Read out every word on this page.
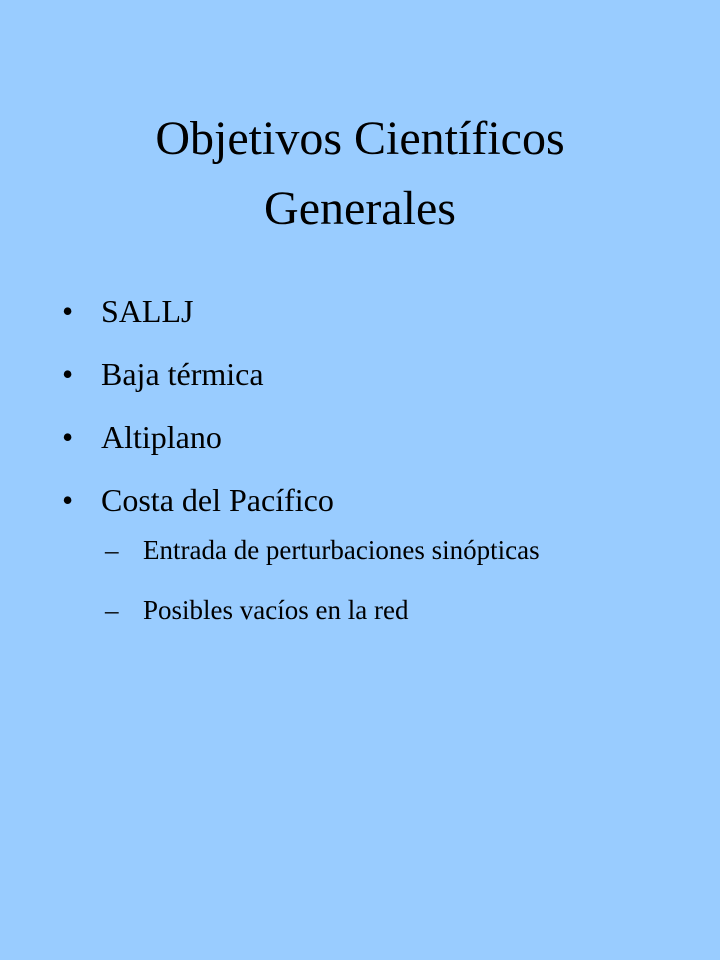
Objetivos Científicos
Generales
• SALLJ
• Baja térmica
• Altiplano
• Costa del Pacífico
– Entrada de perturbaciones sinópticas
– Posibles vacíos en la red
